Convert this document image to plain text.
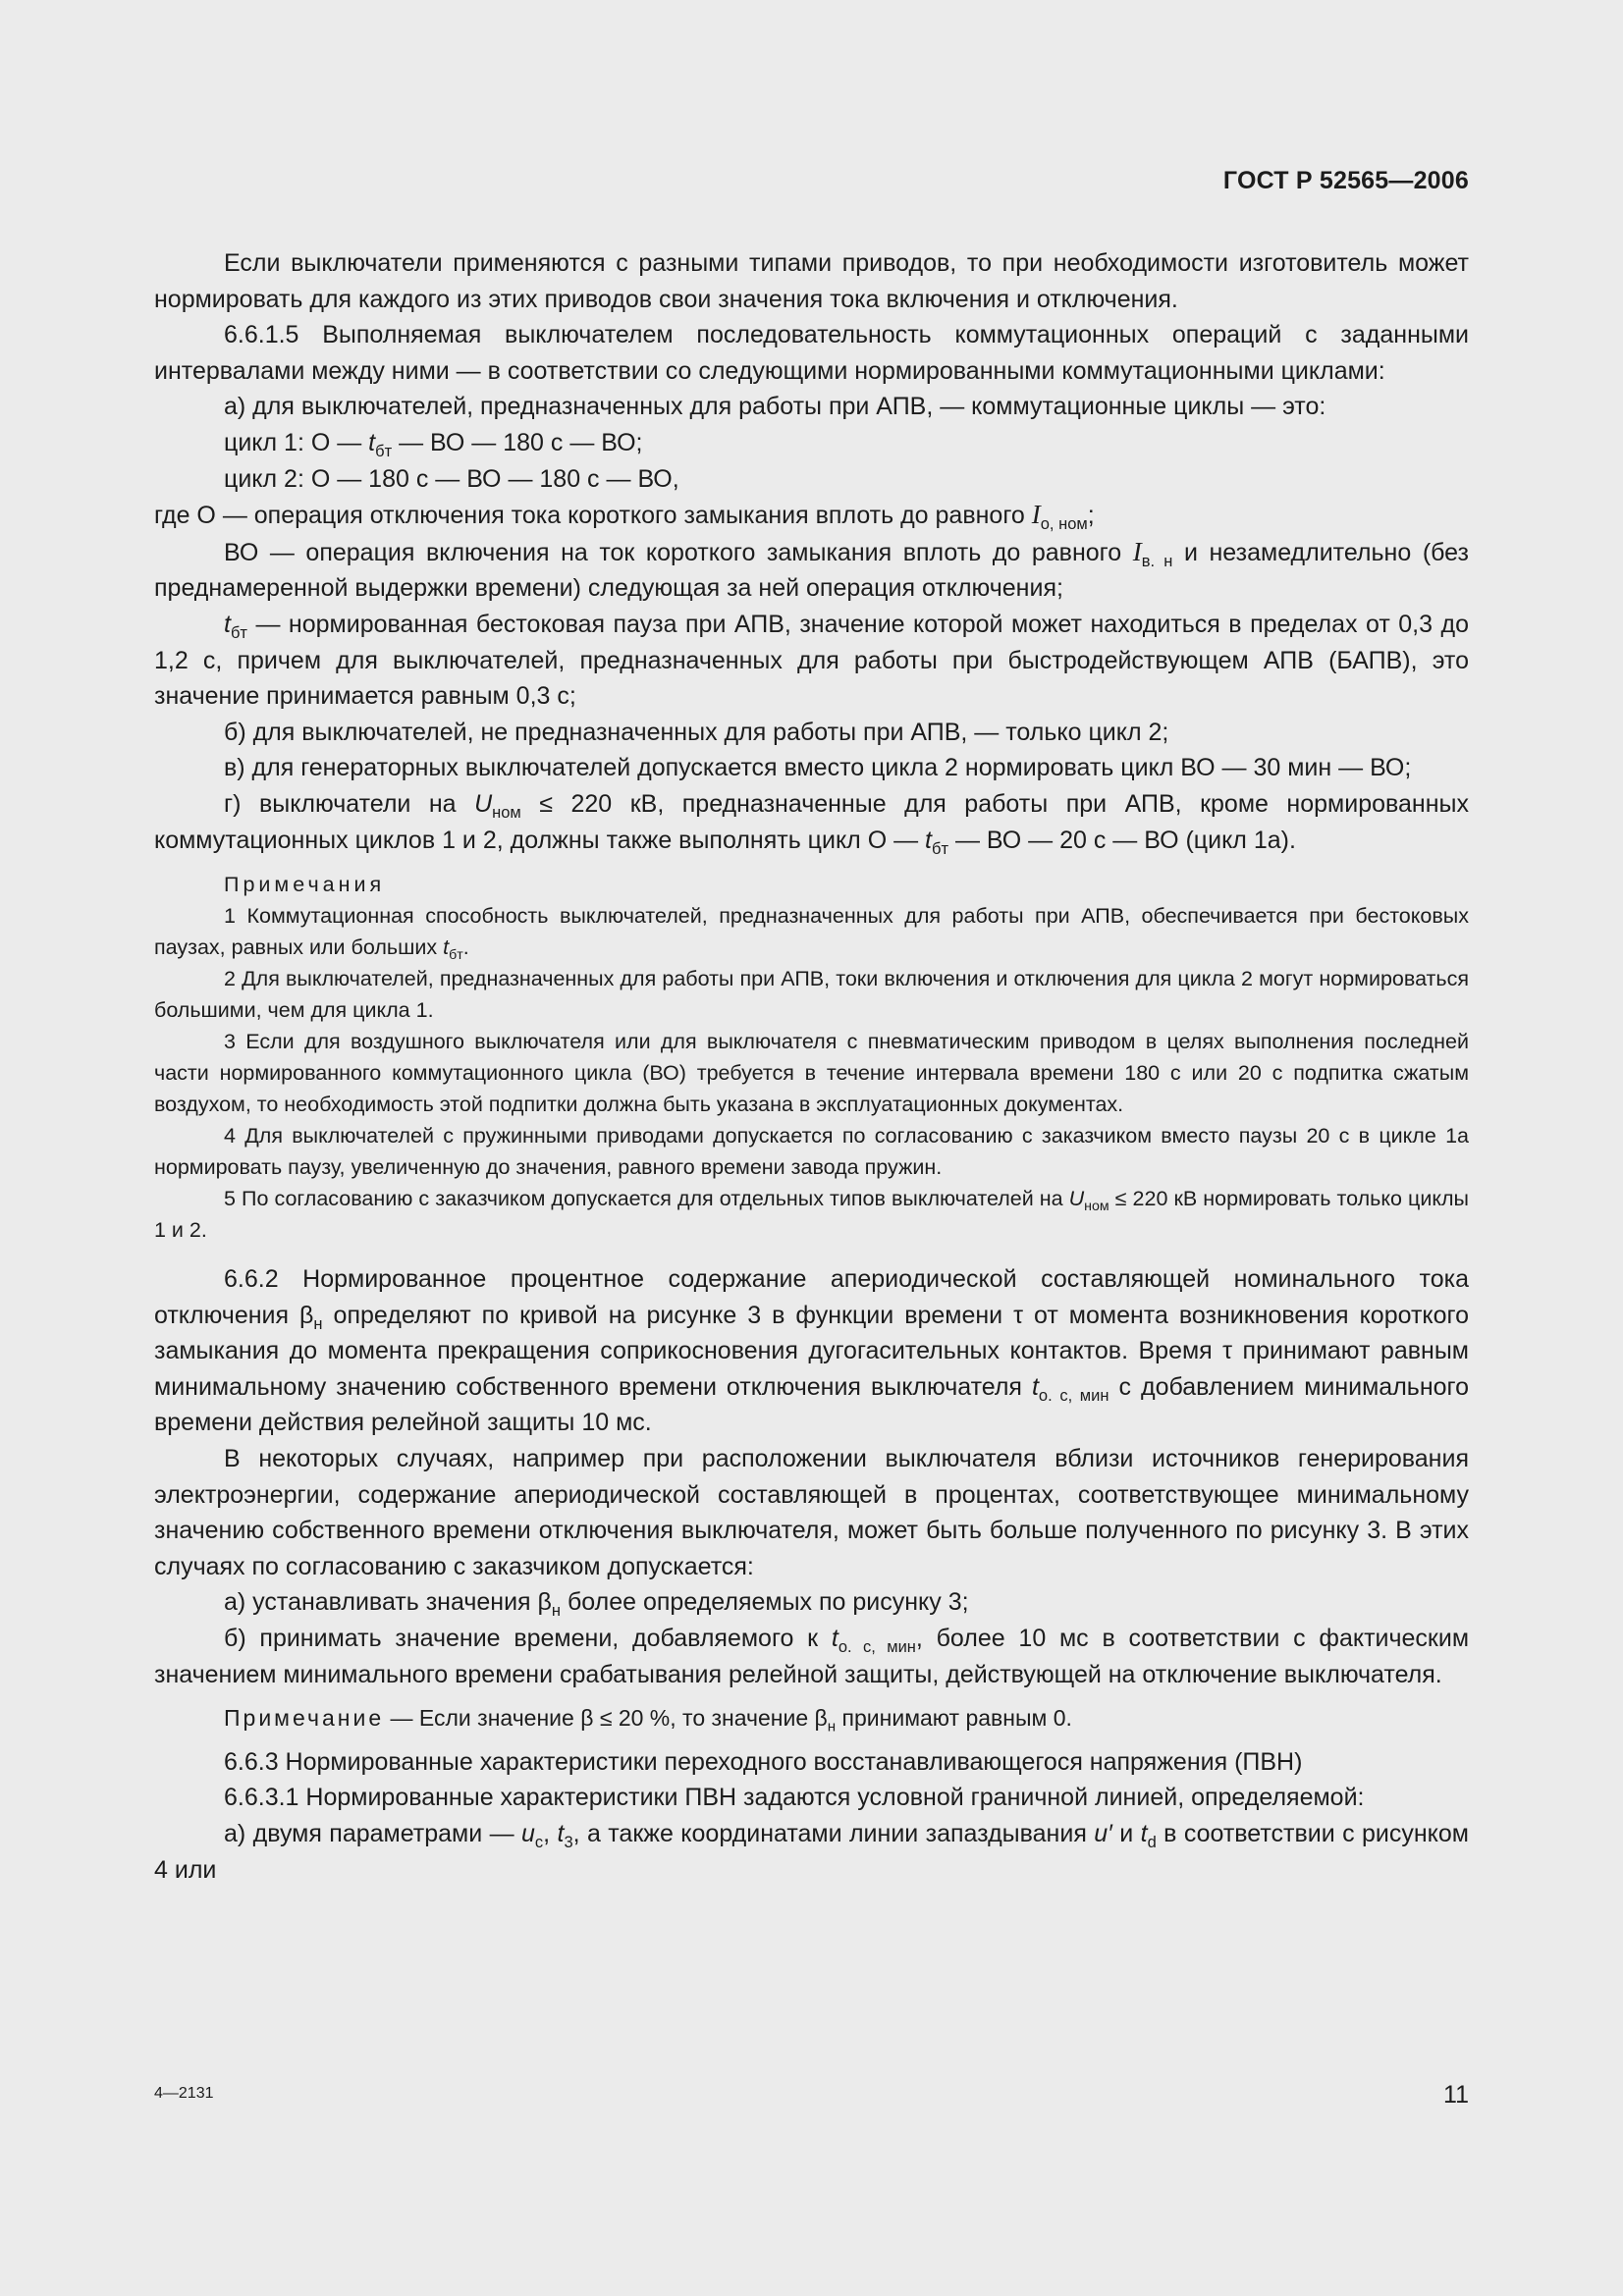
ГОСТ Р 52565—2006

Если выключатели применяются с разными типами приводов, то при необходимости изготовитель может нормировать для каждого из этих приводов свои значения тока включения и отключения.

6.6.1.5 Выполняемая выключателем последовательность коммутационных операций с заданными интервалами между ними — в соответствии со следующими нормированными коммутационными циклами:

а) для выключателей, предназначенных для работы при АПВ, — коммутационные циклы — это:

цикл 1: О — $t_{бт}$ — ВО — 180 с — ВО;

цикл 2: О — 180 с — ВО — 180 с — ВО,

где О — операция отключения тока короткого замыкания вплоть до равного $I_{о, ном}$;

ВО — операция включения на ток короткого замыкания вплоть до равного $I_{в. н}$ и незамедлительно (без преднамеренной выдержки времени) следующая за ней операция отключения;

$t_{бт}$ — нормированная бестоковая пауза при АПВ, значение которой может находиться в пределах от 0,3 до 1,2 с, причем для выключателей, предназначенных для работы при быстродействующем АПВ (БАПВ), это значение принимается равным 0,3 с;

б) для выключателей, не предназначенных для работы при АПВ, — только цикл 2;

в) для генераторных выключателей допускается вместо цикла 2 нормировать цикл ВО — 30 мин — ВО;

г) выключатели на $U_{ном} \le 220$ кВ, предназначенные для работы при АПВ, кроме нормированных коммутационных циклов 1 и 2, должны также выполнять цикл О — $t_{бт}$ — ВО — 20 с — ВО (цикл 1а).

Примечания

1 Коммутационная способность выключателей, предназначенных для работы при АПВ, обеспечивается при бестоковых паузах, равных или больших $t_{бт}$.

2 Для выключателей, предназначенных для работы при АПВ, токи включения и отключения для цикла 2 могут нормироваться большими, чем для цикла 1.

3 Если для воздушного выключателя или для выключателя с пневматическим приводом в целях выполнения последней части нормированного коммутационного цикла (ВО) требуется в течение интервала времени 180 с или 20 с подпитка сжатым воздухом, то необходимость этой подпитки должна быть указана в эксплуатационных документах.

4 Для выключателей с пружинными приводами допускается по согласованию с заказчиком вместо паузы 20 с в цикле 1а нормировать паузу, увеличенную до значения, равного времени завода пружин.

5 По согласованию с заказчиком допускается для отдельных типов выключателей на $U_{ном} \le 220$ кВ нормировать только циклы 1 и 2.

6.6.2 Нормированное процентное содержание апериодической составляющей номинального тока отключения $\beta_н$ определяют по кривой на рисунке 3 в функции времени τ от момента возникновения короткого замыкания до момента прекращения соприкосновения дугогасительных контактов. Время τ принимают равным минимальному значению собственного времени отключения выключателя $t_{о. с, мин}$ с добавлением минимального времени действия релейной защиты 10 мс.

В некоторых случаях, например при расположении выключателя вблизи источников генерирования электроэнергии, содержание апериодической составляющей в процентах, соответствующее минимальному значению собственного времени отключения выключателя, может быть больше полученного по рисунку 3. В этих случаях по согласованию с заказчиком допускается:

а) устанавливать значения $\beta_н$ более определяемых по рисунку 3;

б) принимать значение времени, добавляемого к $t_{о. с, мин}$, более 10 мс в соответствии с фактическим значением минимального времени срабатывания релейной защиты, действующей на отключение выключателя.

Примечание — Если значение β ≤ 20 %, то значение $\beta_н$ принимают равным 0.

6.6.3 Нормированные характеристики переходного восстанавливающегося напряжения (ПВН)

6.6.3.1 Нормированные характеристики ПВН задаются условной граничной линией, определяемой:

а) двумя параметрами — $u_c$, $t_3$, а также координатами линии запаздывания u′ и $t_d$ в соответствии с рисунком 4 или

4—2131	11
